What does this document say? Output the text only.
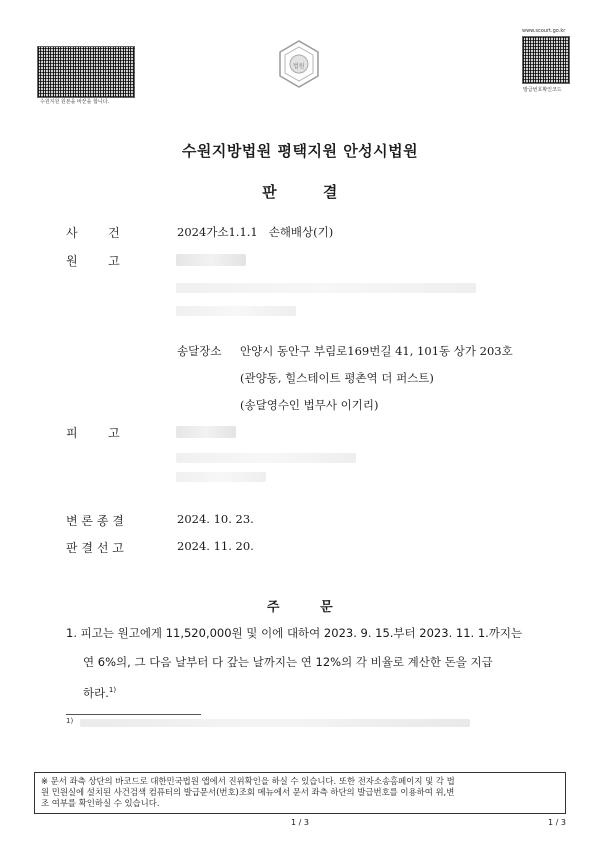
수원지원 원본을 바꾼을 합니다.
법원
www.scourt.go.kr
발급번호확인코드
수원지방법원 평택지원 안성시법원
판        결
사        건	2024가소1.1.1   손해배상(기)
원        고
송달장소 안양시 동안구 부림로169번길 41, 101동 상가 203호
(관양동, 힐스테이트 평촌역 더 퍼스트)
(송달영수인 법무사 이기리)
피        고
변 론 종 결	2024. 10. 23.
판 결 선 고	2024. 11. 20.
주        문
1. 피고는 원고에게 11,520,000원 및 이에 대하여 2023. 9. 15.부터 2023. 11. 1.까지는
연 6%의, 그 다음 날부터 다 갚는 날까지는 연 12%의 각 비율로 계산한 돈을 지급
하라.$^{1)}$
1)
※ 문서 좌측 상단의 바코드로 대한민국법원 앱에서 진위확인을 하실 수 있습니다. 또한 전자소송홈페이지 및 각 법
원 민원실에 설치된 사건검색 컴퓨터의 발급문서(번호)조회 메뉴에서 문서 좌측 하단의 발급번호를 이용하여 위,변
조 여부를 확인하실 수 있습니다.
1 / 3	1 / 3
